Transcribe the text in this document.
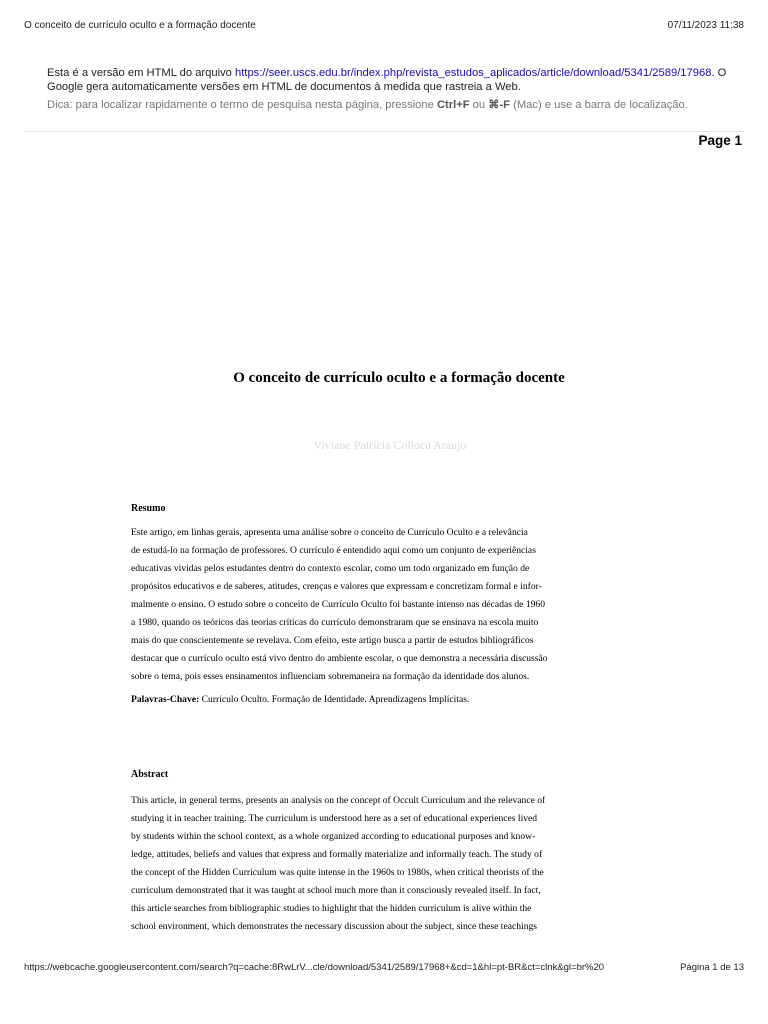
O conceito de currículo oculto e a formação docente	07/11/2023 11:38
Esta é a versão em HTML do arquivo https://seer.uscs.edu.br/index.php/revista_estudos_aplicados/article/download/5341/2589/17968. O Google gera automaticamente versões em HTML de documentos à medida que rastreia a Web.
Dica: para localizar rapidamente o termo de pesquisa nesta página, pressione Ctrl+F ou ⌘-F (Mac) e use a barra de localização.
Page 1
O conceito de currículo oculto e a formação docente
Viviane Patrícia Colloca Araujo
Resumo
Este artigo, em linhas gerais, apresenta uma análise sobre o conceito de Currículo Oculto e a relevância
de estudá-lo na formação de professores. O currículo é entendido aqui como um conjunto de experiências
educativas vividas pelos estudantes dentro do contexto escolar, como um todo organizado em função de
propósitos educativos e de saberes, atitudes, crenças e valores que expressam e concretizam formal e infor-
malmente o ensino. O estudo sobre o conceito de Currículo Oculto foi bastante intenso nas décadas de 1960
a 1980, quando os teóricos das teorias críticas do currículo demonstraram que se ensinava na escola muito
mais do que conscientemente se revelava. Com efeito, este artigo busca a partir de estudos bibliográficos
destacar que o currículo oculto está vivo dentro do ambiente escolar, o que demonstra a necessária discussão
sobre o tema, pois esses ensinamentos influenciam sobremaneira na formação da identidade dos alunos.
Palavras-Chave: Currículo Oculto. Formação de Identidade. Aprendizagens Implícitas.
Abstract
This article, in general terms, presents an analysis on the concept of Occult Curriculum and the relevance of
studying it in teacher training. The curriculum is understood here as a set of educational experiences lived
by students within the school context, as a whole organized according to educational purposes and know-
ledge, attitudes, beliefs and values that express and formally materialize and informally teach. The study of
the concept of the Hidden Curriculum was quite intense in the 1960s to 1980s, when critical theorists of the
curriculum demonstrated that it was taught at school much more than it consciously revealed itself. In fact,
this article searches from bibliographic studies to highlight that the hidden curriculum is alive within the
school environment, which demonstrates the necessary discussion about the subject, since these teachings
https://webcache.googleusercontent.com/search?q=cache:8RwLrV...cle/download/5341/2589/17968+&cd=1&hl=pt-BR&ct=clnk&gl=br%20	Página 1 de 13
